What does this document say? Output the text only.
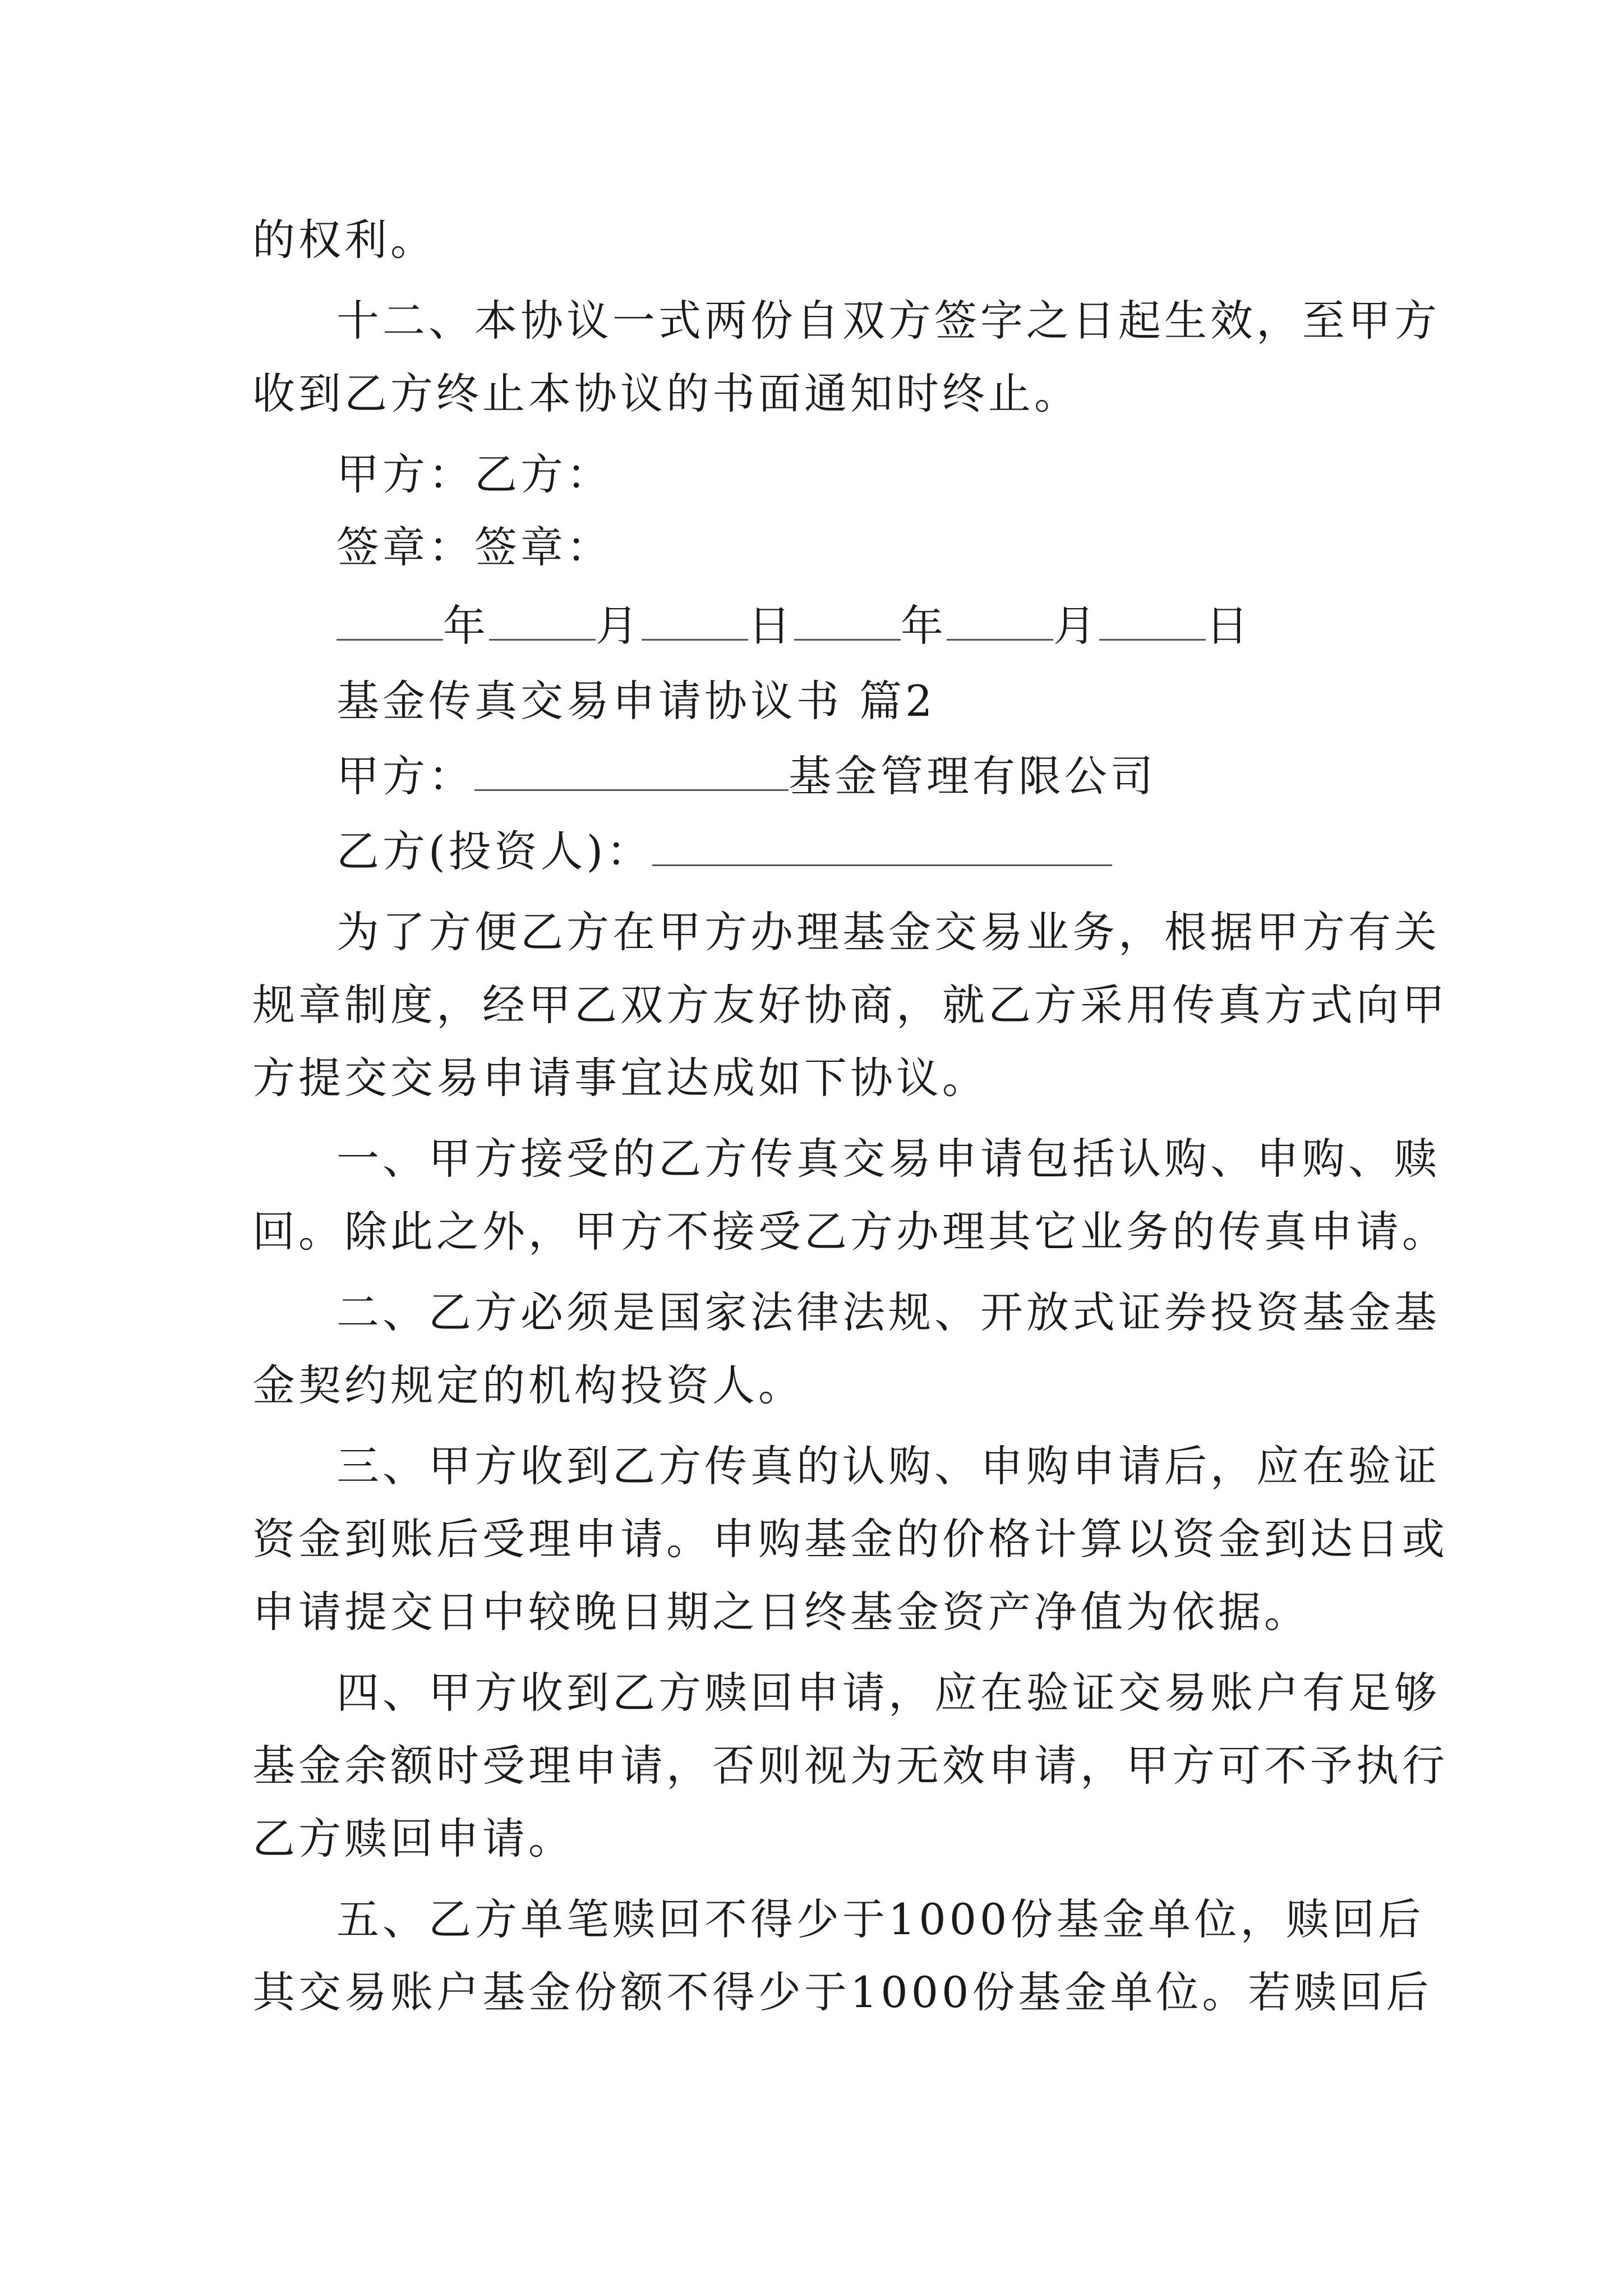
的权利。
十二、本协议一式两份自双方签字之日起生效，至甲方
收到乙方终止本协议的书面通知时终止。
甲方：乙方：
签章：签章：
年	月	日	年	月	日
基金传真交易申请协议书 篇2
甲方：	基金管理有限公司
乙方(投资人)：
为了方便乙方在甲方办理基金交易业务，根据甲方有关
规章制度，经甲乙双方友好协商，就乙方采用传真方式向甲
方提交交易申请事宜达成如下协议。
一、甲方接受的乙方传真交易申请包括认购、申购、赎
回。除此之外，甲方不接受乙方办理其它业务的传真申请。
二、乙方必须是国家法律法规、开放式证券投资基金基
金契约规定的机构投资人。
三、甲方收到乙方传真的认购、申购申请后，应在验证
资金到账后受理申请。申购基金的价格计算以资金到达日或
申请提交日中较晚日期之日终基金资产净值为依据。
四、甲方收到乙方赎回申请，应在验证交易账户有足够
基金余额时受理申请，否则视为无效申请，甲方可不予执行
乙方赎回申请。
五、乙方单笔赎回不得少于1000份基金单位，赎回后
其交易账户基金份额不得少于1000份基金单位。若赎回后
